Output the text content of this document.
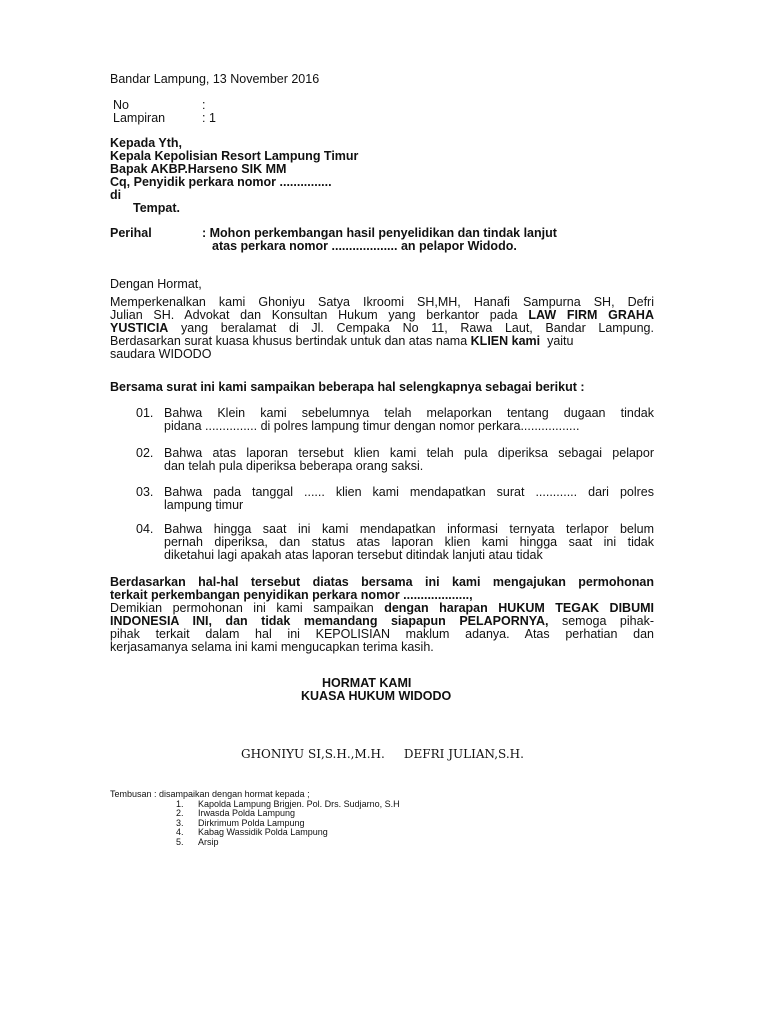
Bandar Lampung, 13 November 2016
No	:
Lampiran	: 1
Kepada Yth,
Kepala Kepolisian Resort Lampung Timur
Bapak AKBP.Harseno SIK MM
Cq, Penyidik perkara nomor ...............
di
Tempat.
Perihal	: Mohon perkembangan hasil penyelidikan dan tindak lanjut
atas perkara nomor ................... an pelapor Widodo.
Dengan Hormat,
Memperkenalkan kami Ghoniyu Satya Ikroomi SH,MH, Hanafi Sampurna SH, Defri
Julian SH. Advokat dan Konsultan Hukum yang berkantor pada LAW FIRM GRAHA
YUSTICIA yang beralamat di Jl. Cempaka No 11, Rawa Laut, Bandar Lampung.
Berdasarkan surat kuasa khusus bertindak untuk dan atas nama KLIEN kami yaitu
saudara WIDODO
Bersama surat ini kami sampaikan beberapa hal selengkapnya sebagai berikut :
01. Bahwa Klein kami sebelumnya telah melaporkan tentang dugaan tindak
pidana ............... di polres lampung timur dengan nomor perkara.................
02. Bahwa atas laporan tersebut klien kami telah pula diperiksa sebagai pelapor
dan telah pula diperiksa beberapa orang saksi.
03. Bahwa pada tanggal ...... klien kami mendapatkan surat ............ dari polres
lampung timur
04. Bahwa hingga saat ini kami mendapatkan informasi ternyata terlapor belum
pernah diperiksa, dan status atas laporan klien kami hingga saat ini tidak
diketahui lagi apakah atas laporan tersebut ditindak lanjuti atau tidak
Berdasarkan hal-hal tersebut diatas bersama ini kami mengajukan permohonan
terkait perkembangan penyidikan perkara nomor ...................,
Demikian permohonan ini kami sampaikan dengan harapan HUKUM TEGAK DIBUMI
INDONESIA INI, dan tidak memandang siapapun PELAPORNYA, semoga pihak-
pihak terkait dalam hal ini KEPOLISIAN maklum adanya. Atas perhatian dan
kerjasamanya selama ini kami mengucapkan terima kasih.
HORMAT KAMI
KUASA HUKUM WIDODO
GHONIYU SI,S.H.,M.H.     DEFRI JULIAN,S.H.
Tembusan : disampaikan dengan hormat kepada ;
1. Kapolda Lampung Brigjen. Pol. Drs. Sudjarno, S.H
2. Irwasda Polda Lampung
3. Dirkrimum Polda Lampung
4. Kabag Wassidik Polda Lampung
5. Arsip
